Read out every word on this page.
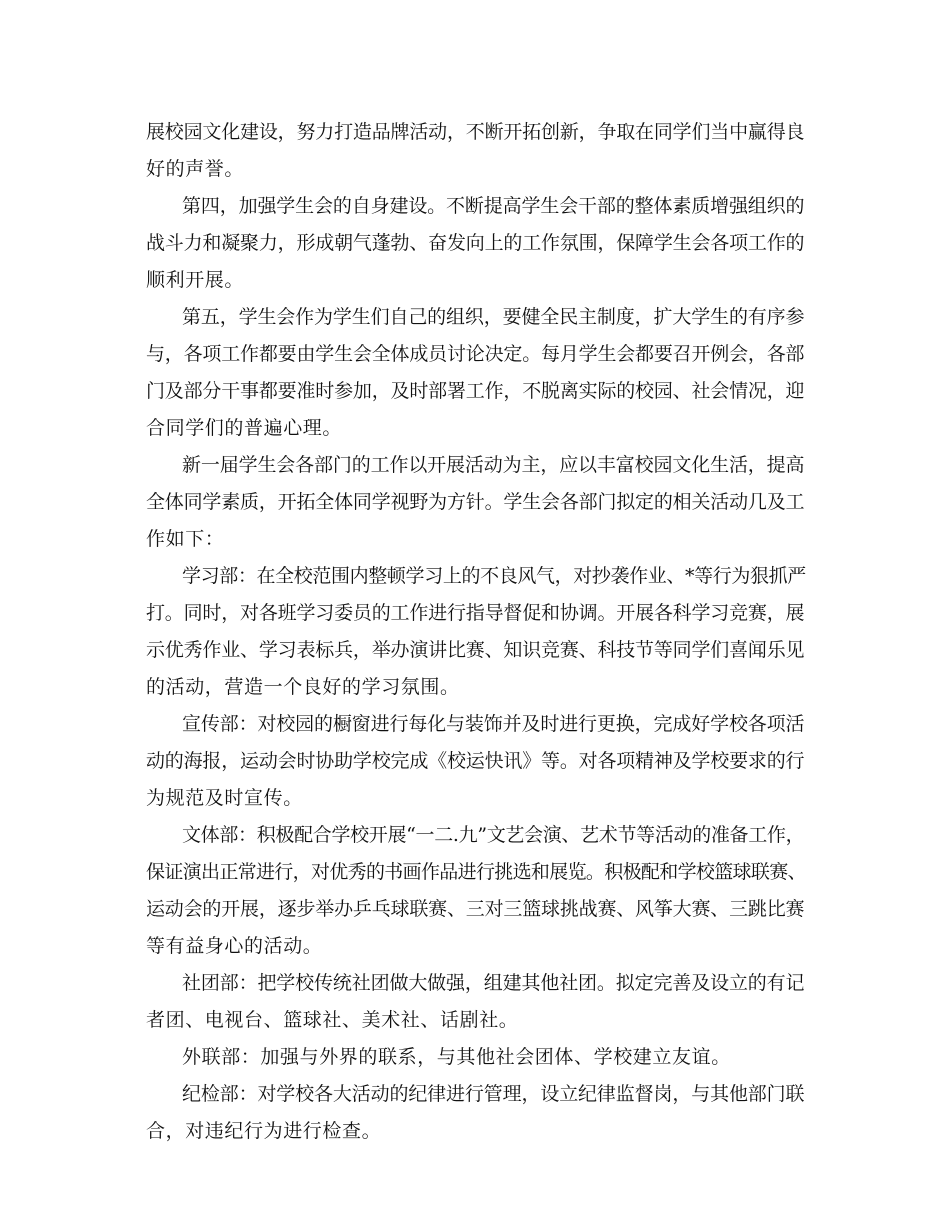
展校园文化建设，努力打造品牌活动，不断开拓创新，争取在同学们当中赢得良
好的声誉。
第四，加强学生会的自身建设。不断提高学生会干部的整体素质增强组织的
战斗力和凝聚力，形成朝气蓬勃、奋发向上的工作氛围，保障学生会各项工作的
顺利开展。
第五，学生会作为学生们自己的组织，要健全民主制度，扩大学生的有序参
与，各项工作都要由学生会全体成员讨论决定。每月学生会都要召开例会，各部
门及部分干事都要准时参加，及时部署工作，不脱离实际的校园、社会情况，迎
合同学们的普遍心理。
新一届学生会各部门的工作以开展活动为主，应以丰富校园文化生活，提高
全体同学素质，开拓全体同学视野为方针。学生会各部门拟定的相关活动几及工
作如下：
学习部：在全校范围内整顿学习上的不良风气，对抄袭作业、*等行为狠抓严
打。同时，对各班学习委员的工作进行指导督促和协调。开展各科学习竞赛，展
示优秀作业、学习表标兵，举办演讲比赛、知识竞赛、科技节等同学们喜闻乐见
的活动，营造一个良好的学习氛围。
宣传部：对校园的橱窗进行每化与装饰并及时进行更换，完成好学校各项活
动的海报，运动会时协助学校完成《校运快讯》等。对各项精神及学校要求的行
为规范及时宣传。
文体部：积极配合学校开展“一二.九”文艺会演、艺术节等活动的准备工作，
保证演出正常进行，对优秀的书画作品进行挑选和展览。积极配和学校篮球联赛、
运动会的开展，逐步举办乒乓球联赛、三对三篮球挑战赛、风筝大赛、三跳比赛
等有益身心的活动。
社团部：把学校传统社团做大做强，组建其他社团。拟定完善及设立的有记
者团、电视台、篮球社、美术社、话剧社。
外联部：加强与外界的联系，与其他社会团体、学校建立友谊。
纪检部：对学校各大活动的纪律进行管理，设立纪律监督岗，与其他部门联
合，对违纪行为进行检查。
